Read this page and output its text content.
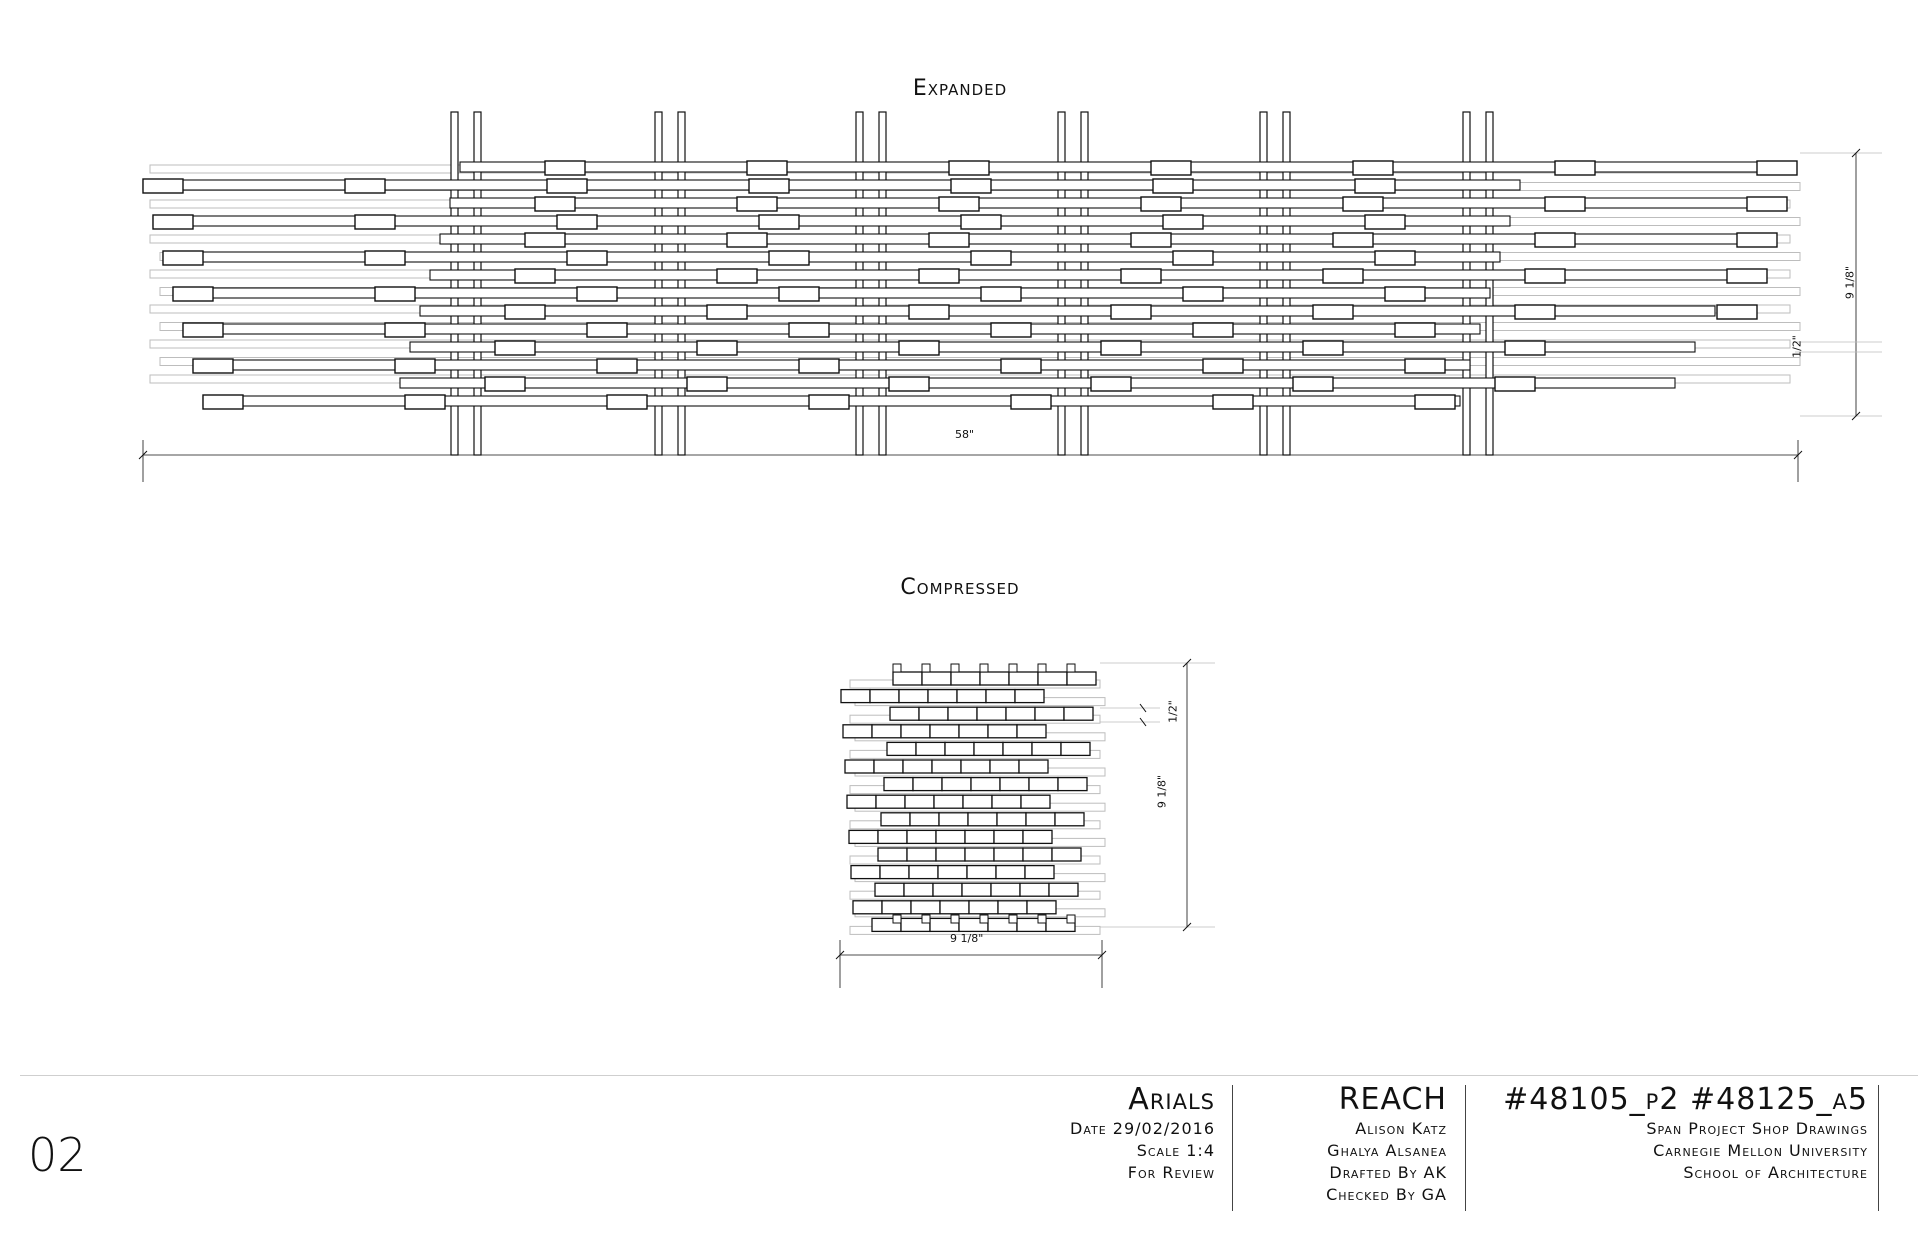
Expanded
Compressed
58"
9 1/8"
1/2"
9 1/8"
9 1/8"
1/2"
02
Arials
Date 29/02/2016
Scale 1:4
For Review
REACH
Alison Katz
Ghalya Alsanea
Drafted By AK
Checked By GA
#48105_p2 #48125_a5
Span Project Shop Drawings
Carnegie Mellon University
School of Architecture
